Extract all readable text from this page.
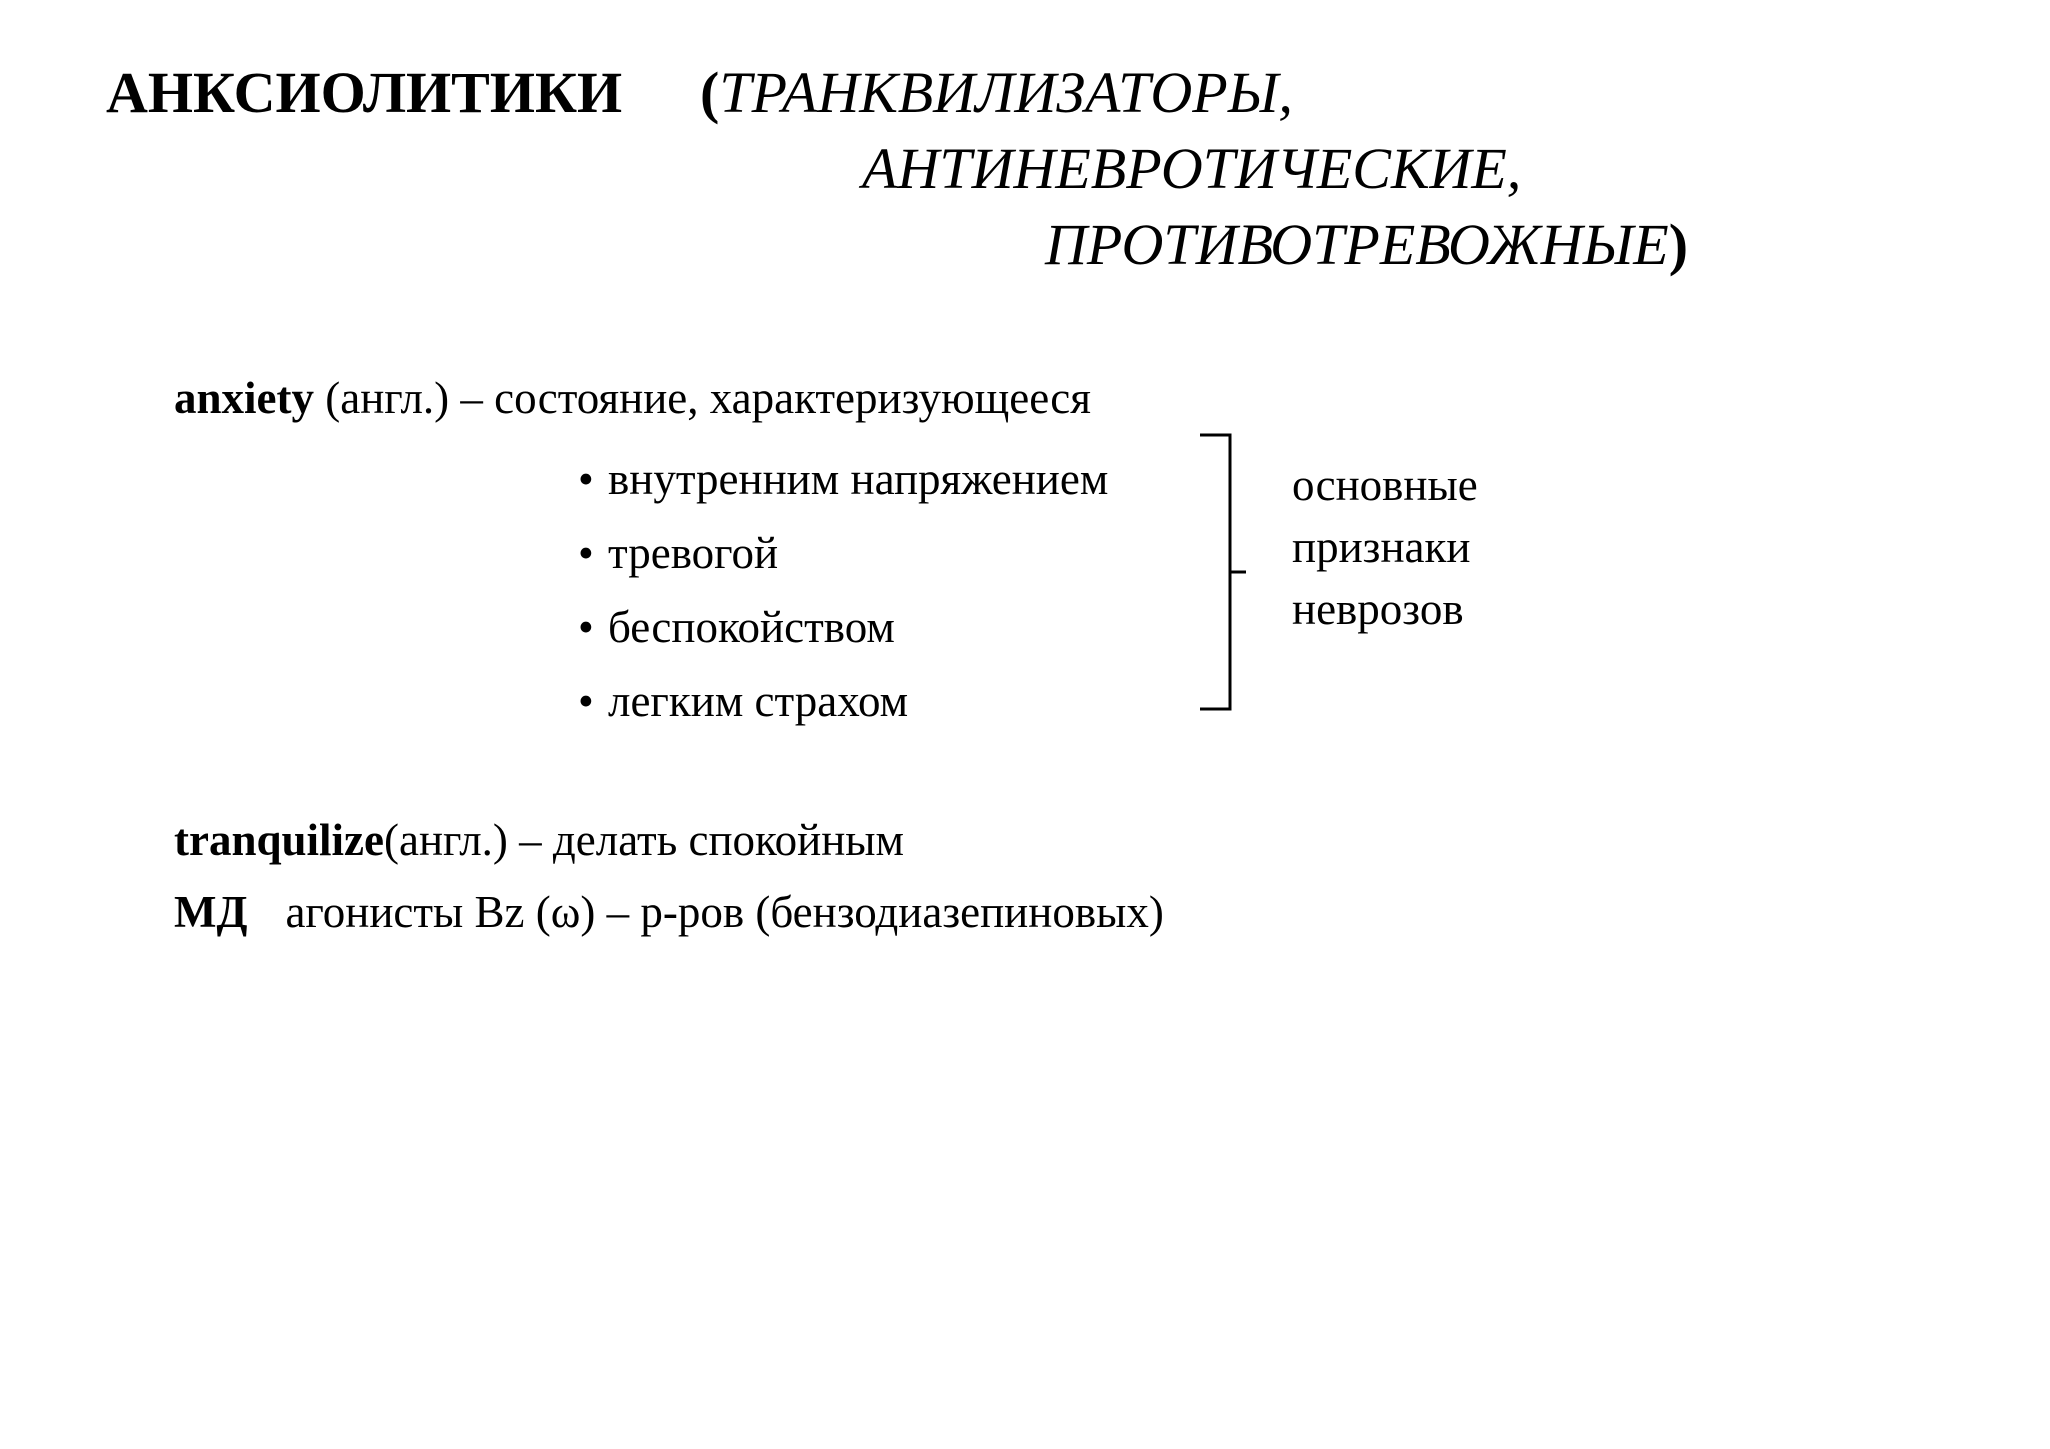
АНКСИОЛИТИКИ (ТРАНКВИЛИЗАТОРЫ,
АНТИНЕВРОТИЧЕСКИЕ,
ПРОТИВОТРЕВОЖНЫЕ)
anxiety (англ.) – состояние, характеризующееся
• внутренним напряжением
• тревогой
• беспокойством
• легким страхом
основные
признаки
неврозов
tranquilize(англ.) – делать спокойным
МД агонисты Bz (ω) – р-ров (бензодиазепиновых)
